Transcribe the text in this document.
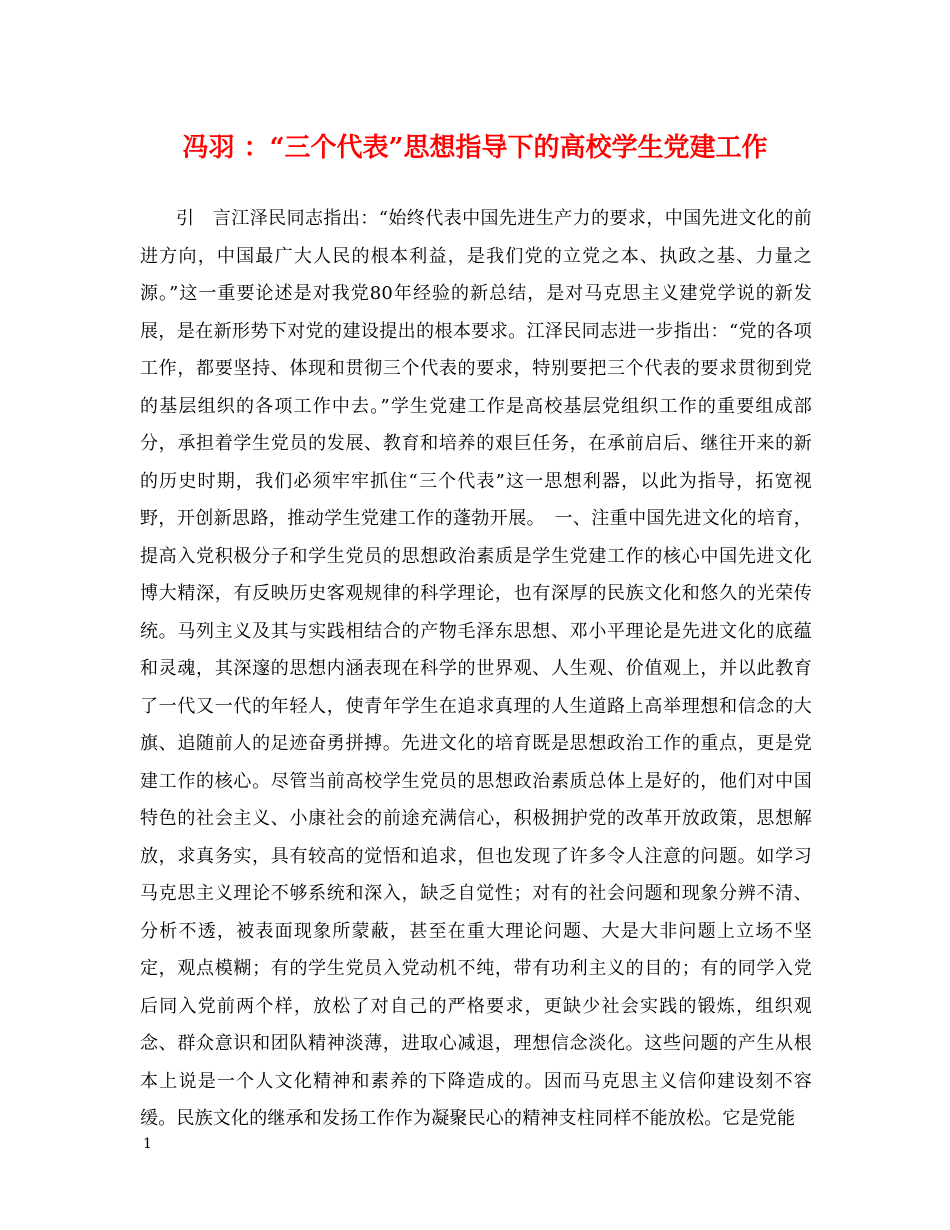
冯羽 ：“三个代表”思想指导下的高校学生党建工作

引　言江泽民同志指出：“始终代表中国先进生产力的要求，中国先进文化的前进方向，中国最广大人民的根本利益，是我们党的立党之本、执政之基、力量之源。”这一重要论述是对我党80年经验的新总结，是对马克思主义建党学说的新发展，是在新形势下对党的建设提出的根本要求。江泽民同志进一步指出：“党的各项工作，都要坚持、体现和贯彻三个代表的要求，特别要把三个代表的要求贯彻到党的基层组织的各项工作中去。”学生党建工作是高校基层党组织工作的重要组成部分，承担着学生党员的发展、教育和培养的艰巨任务，在承前启后、继往开来的新的历史时期，我们必须牢牢抓住“三个代表”这一思想利器，以此为指导，拓宽视野，开创新思路，推动学生党建工作的蓬勃开展。　一、注重中国先进文化的培育，提高入党积极分子和学生党员的思想政治素质是学生党建工作的核心中国先进文化博大精深，有反映历史客观规律的科学理论，也有深厚的民族文化和悠久的光荣传统。马列主义及其与实践相结合的产物毛泽东思想、邓小平理论是先进文化的底蕴和灵魂，其深邃的思想内涵表现在科学的世界观、人生观、价值观上，并以此教育了一代又一代的年轻人，使青年学生在追求真理的人生道路上高举理想和信念的大旗、追随前人的足迹奋勇拼搏。先进文化的培育既是思想政治工作的重点，更是党建工作的核心。尽管当前高校学生党员的思想政治素质总体上是好的，他们对中国特色的社会主义、小康社会的前途充满信心，积极拥护党的改革开放政策，思想解放，求真务实，具有较高的觉悟和追求，但也发现了许多令人注意的问题。如学习马克思主义理论不够系统和深入，缺乏自觉性；对有的社会问题和现象分辨不清、分析不透，被表面现象所蒙蔽，甚至在重大理论问题、大是大非问题上立场不坚定，观点模糊；有的学生党员入党动机不纯，带有功利主义的目的；有的同学入党后同入党前两个样，放松了对自己的严格要求，更缺少社会实践的锻炼，组织观念、群众意识和团队精神淡薄，进取心减退，理想信念淡化。这些问题的产生从根本上说是一个人文化精神和素养的下降造成的。因而马克思主义信仰建设刻不容缓。民族文化的继承和发扬工作作为凝聚民心的精神支柱同样不能放松。它是党能

1
